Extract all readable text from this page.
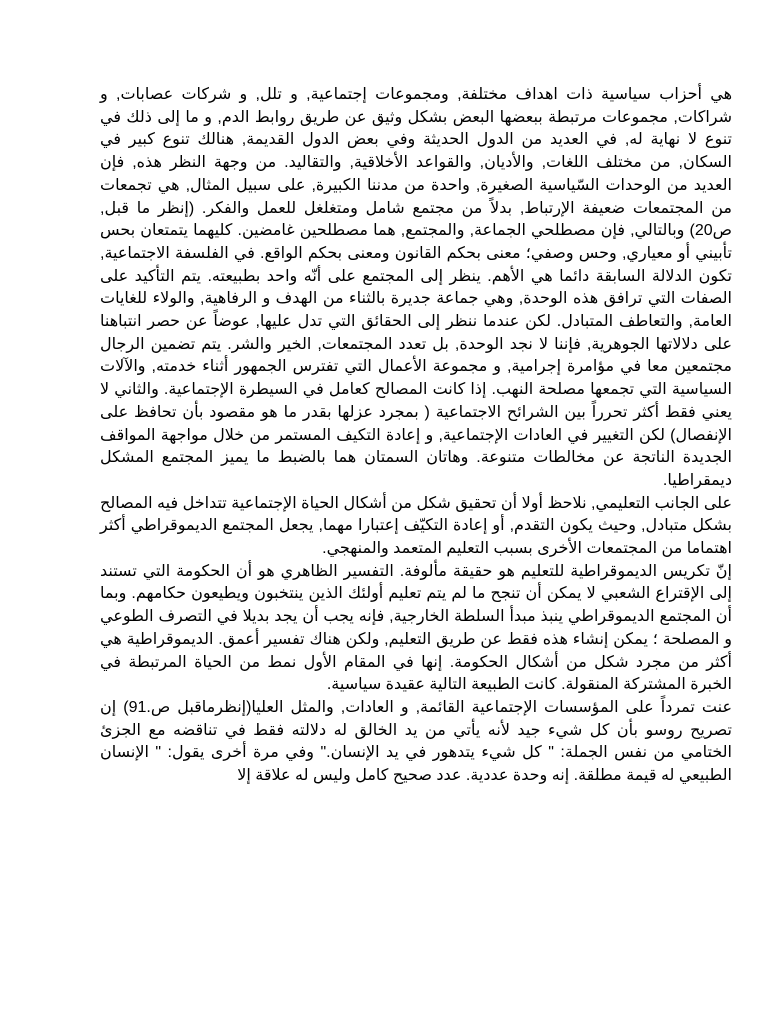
هي أحزاب سياسية ذات اهداف مختلفة, ومجموعات إجتماعية, و تلل, و شركات عصابات, و شراكات, مجموعات مرتبطة ببعضها البعض بشكل وثيق عن طريق روابط الدم, و ما إلى ذلك في تنوع لا نهاية له, في العديد من الدول الحديثة وفي بعض الدول القديمة, هنالك تنوع كبير في السكان, من مختلف اللغات, والأديان, والقواعد الأخلاقية, والتقاليد. من وجهة النظر هذه, فإن العديد من الوحدات السّياسية الصغيرة, واحدة من مدننا الكبيرة, على سبيل المثال, هي تجمعات من المجتمعات ضعيفة الإرتباط, بدلاً من مجتمع شامل ومتغلغل للعمل والفكر. (إنظر ما قبل, ص20) وبالتالي, فإن مصطلحي الجماعة, والمجتمع, هما مصطلحين غامضين. كليهما يتمتعان بحس تأبيني أو معياري, وحس وصفي؛ معنى بحكم القانون ومعنى بحكم الواقع. في الفلسفة الاجتماعية, تكون الدلالة السابقة دائما هي الأهم. ينظر إلى المجتمع على أنّه واحد بطبيعته. يتم التأكيد على الصفات التي ترافق هذه الوحدة, وهي جماعة جديرة بالثناء من الهدف و الرفاهية, والولاء للغايات العامة, والتعاطف المتبادل. لكن عندما ننظر إلى الحقائق التي تدل عليها, عوضاً عن حصر انتباهنا على دلالاتها الجوهرية, فإننا لا نجد الوحدة, بل تعدد المجتمعات, الخير والشر. يتم تضمين الرجال مجتمعين معا في مؤامرة إجرامية, و مجموعة الأعمال التي تفترس الجمهور أثناء خدمته, والآلات السياسية التي تجمعها مصلحة النهب. إذا كانت المصالح كعامل في السيطرة الإجتماعية. والثاني لا يعني فقط أكثر تحرراً بين الشرائح الاجتماعية ( بمجرد عزلها بقدر ما هو مقصود بأن تحافظ على الإنفصال) لكن التغيير في العادات الإجتماعية, و إعادة التكيف المستمر من خلال مواجهة المواقف الجديدة الناتجة عن مخالطات متنوعة. وهاتان السمتان هما بالضبط ما يميز المجتمع المشكل ديمقراطيا.

على الجانب التعليمي, نلاحظ أولا أن تحقيق شكل من أشكال الحياة الإجتماعية تتداخل فيه المصالح بشكل متبادل, وحيث يكون التقدم, أو إعادة التكيّف إعتبارا مهما, يجعل المجتمع الديموقراطي أكثر اهتماما من المجتمعات الأخرى بسبب التعليم المتعمد والمنهجي.

إنّ تكريس الديموقراطية للتعليم هو حقيقة مألوفة. التفسير الظاهري هو أن الحكومة التي تستند إلى الإقتراع الشعبي لا يمكن أن تنجح ما لم يتم تعليم أولئك الذين ينتخبون ويطيعون حكامهم. وبما أن المجتمع الديموقراطي ينبذ مبدأ السلطة الخارجية, فإنه يجب أن يجد بديلا في التصرف الطوعي و المصلحة ؛ يمكن إنشاء هذه فقط عن طريق التعليم, ولكن هناك تفسير أعمق. الديموقراطية هي أكثر من مجرد شكل من أشكال الحكومة. إنها في المقام الأول نمط من الحياة المرتبطة في الخبرة المشتركة المنقولة. كانت الطبيعة التالية عقيدة سياسية.

عنت تمرداً على المؤسسات الإجتماعية القائمة, و العادات, والمثل العليا(إنظرماقبل ص.91) إن تصريح روسو بأن كل شيء جيد لأنه يأتي من يد الخالق له دلالته فقط في تناقضه مع الجزئ الختامي من نفس الجملة: " كل شيء يتدهور في يد الإنسان." وفي مرة أخرى يقول: " الإنسان الطبيعي له قيمة مطلقة. إنه وحدة عددية. عدد صحيح كامل وليس له علاقة إلا
